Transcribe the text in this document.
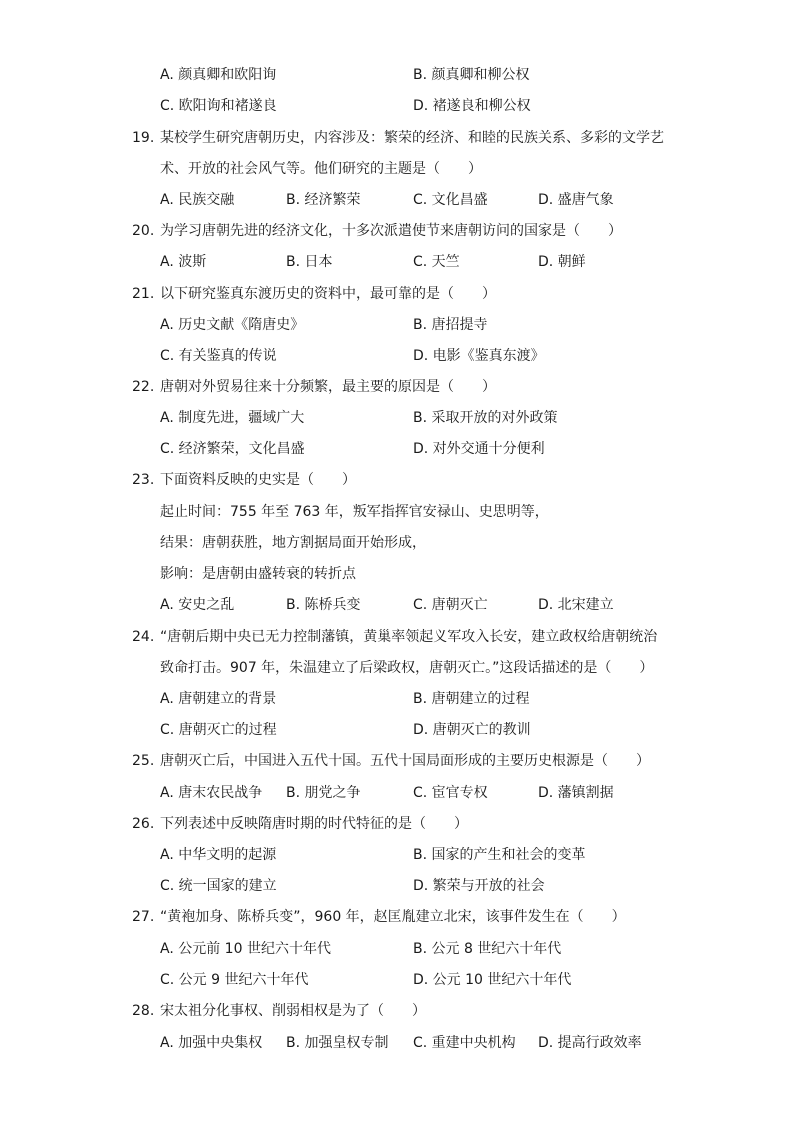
A. 颜真卿和欧阳询	B. 颜真卿和柳公权
C. 欧阳询和褚遂良	D. 褚遂良和柳公权
19. 某校学生研究唐朝历史，内容涉及：繁荣的经济、和睦的民族关系、多彩的文学艺
术、开放的社会风气等。他们研究的主题是（　　）
A. 民族交融	B. 经济繁荣	C. 文化昌盛	D. 盛唐气象
20. 为学习唐朝先进的经济文化，十多次派遣使节来唐朝访问的国家是（　　）
A. 波斯	B. 日本	C. 天竺	D. 朝鲜
21. 以下研究鉴真东渡历史的资料中，最可靠的是（　　）
A. 历史文献《隋唐史》	B. 唐招提寺
C. 有关鉴真的传说	D. 电影《鉴真东渡》
22. 唐朝对外贸易往来十分频繁，最主要的原因是（　　）
A. 制度先进，疆域广大	B. 采取开放的对外政策
C. 经济繁荣，文化昌盛	D. 对外交通十分便利
23. 下面资料反映的史实是（　　）
起止时间：755 年至 763 年，叛军指挥官安禄山、史思明等，
结果：唐朝获胜，地方割据局面开始形成，
影响：是唐朝由盛转衰的转折点
A. 安史之乱	B. 陈桥兵变	C. 唐朝灭亡	D. 北宋建立
24. “唐朝后期中央已无力控制藩镇，黄巢率领起义军攻入长安，建立政权给唐朝统治
致命打击。907 年，朱温建立了后梁政权，唐朝灭亡。”这段话描述的是（　　）
A. 唐朝建立的背景	B. 唐朝建立的过程
C. 唐朝灭亡的过程	D. 唐朝灭亡的教训
25. 唐朝灭亡后，中国进入五代十国。五代十国局面形成的主要历史根源是（　　）
A. 唐末农民战争 B. 朋党之争	C. 宦官专权	D. 藩镇割据
26. 下列表述中反映隋唐时期的时代特征的是（　　）
A. 中华文明的起源	B. 国家的产生和社会的变革
C. 统一国家的建立	D. 繁荣与开放的社会
27. “黄袍加身、陈桥兵变”，960 年，赵匡胤建立北宋，该事件发生在（　　）
A. 公元前 10 世纪六十年代	B. 公元 8 世纪六十年代
C. 公元 9 世纪六十年代	D. 公元 10 世纪六十年代
28. 宋太祖分化事权、削弱相权是为了（　　）
A. 加强中央集权 B. 加强皇权专制 C. 重建中央机构 D. 提高行政效率
